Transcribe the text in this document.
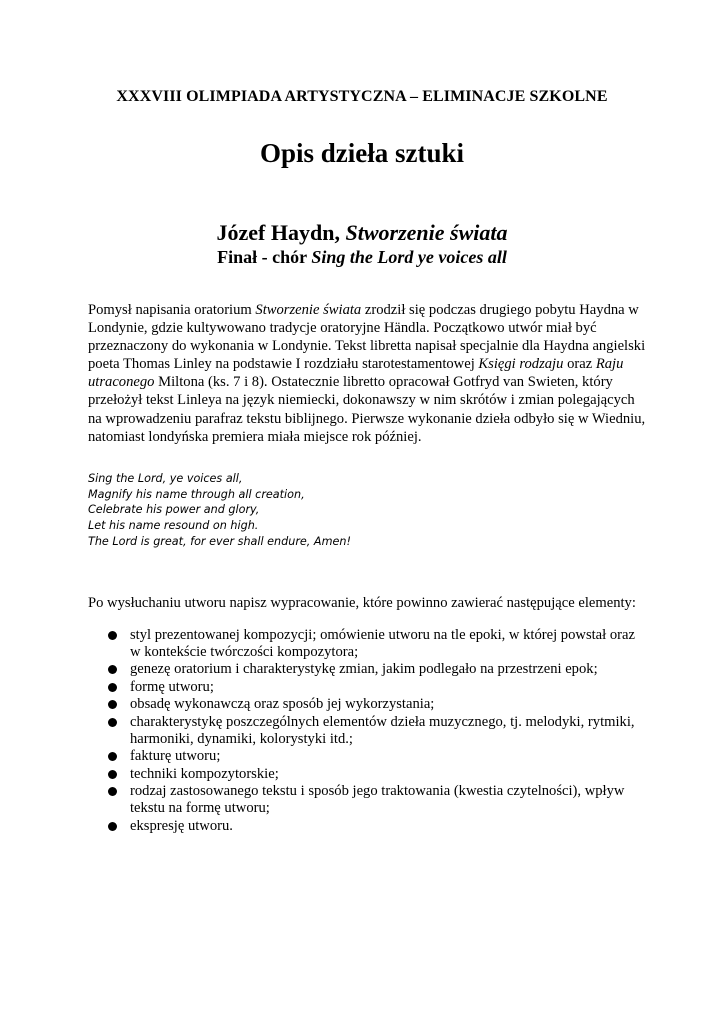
XXXVIII OLIMPIADA ARTYSTYCZNA – ELIMINACJE SZKOLNE
Opis dzieła sztuki
Józef Haydn, Stworzenie świata
Finał - chór Sing the Lord ye voices all

Pomysł napisania oratorium Stworzenie świata zrodził się podczas drugiego pobytu Haydna w Londynie, gdzie kultywowano tradycje oratoryjne Händla. Początkowo utwór miał być przeznaczony do wykonania w Londynie. Tekst libretta napisał specjalnie dla Haydna angielski poeta Thomas Linley na podstawie I rozdziału starotestamentowej Księgi rodzaju oraz Raju utraconego Miltona (ks. 7 i 8). Ostatecznie libretto opracował Gotfryd van Swieten, który przełożył tekst Linleya na język niemiecki, dokonawszy w nim skrótów i zmian polegających na wprowadzeniu parafraz tekstu biblijnego. Pierwsze wykonanie dzieła odbyło się w Wiedniu, natomiast londyńska premiera miała miejsce rok później.

Sing the Lord, ye voices all,
Magnify his name through all creation,
Celebrate his power and glory,
Let his name resound on high.
The Lord is great, for ever shall endure, Amen!

Po wysłuchaniu utworu napisz wypracowanie, które powinno zawierać następujące elementy:

styl prezentowanej kompozycji; omówienie utworu na tle epoki, w której powstał oraz w kontekście twórczości kompozytora;
genezę oratorium i charakterystykę zmian, jakim podlegało na przestrzeni epok;
formę utworu;
obsadę wykonawczą oraz sposób jej wykorzystania;
charakterystykę poszczególnych elementów dzieła muzycznego, tj. melodyki, rytmiki, harmoniki, dynamiki, kolorystyki itd.;
fakturę utworu;
techniki kompozytorskie;
rodzaj zastosowanego tekstu i sposób jego traktowania (kwestia czytelności), wpływ tekstu na formę utworu;
ekspresję utworu.
